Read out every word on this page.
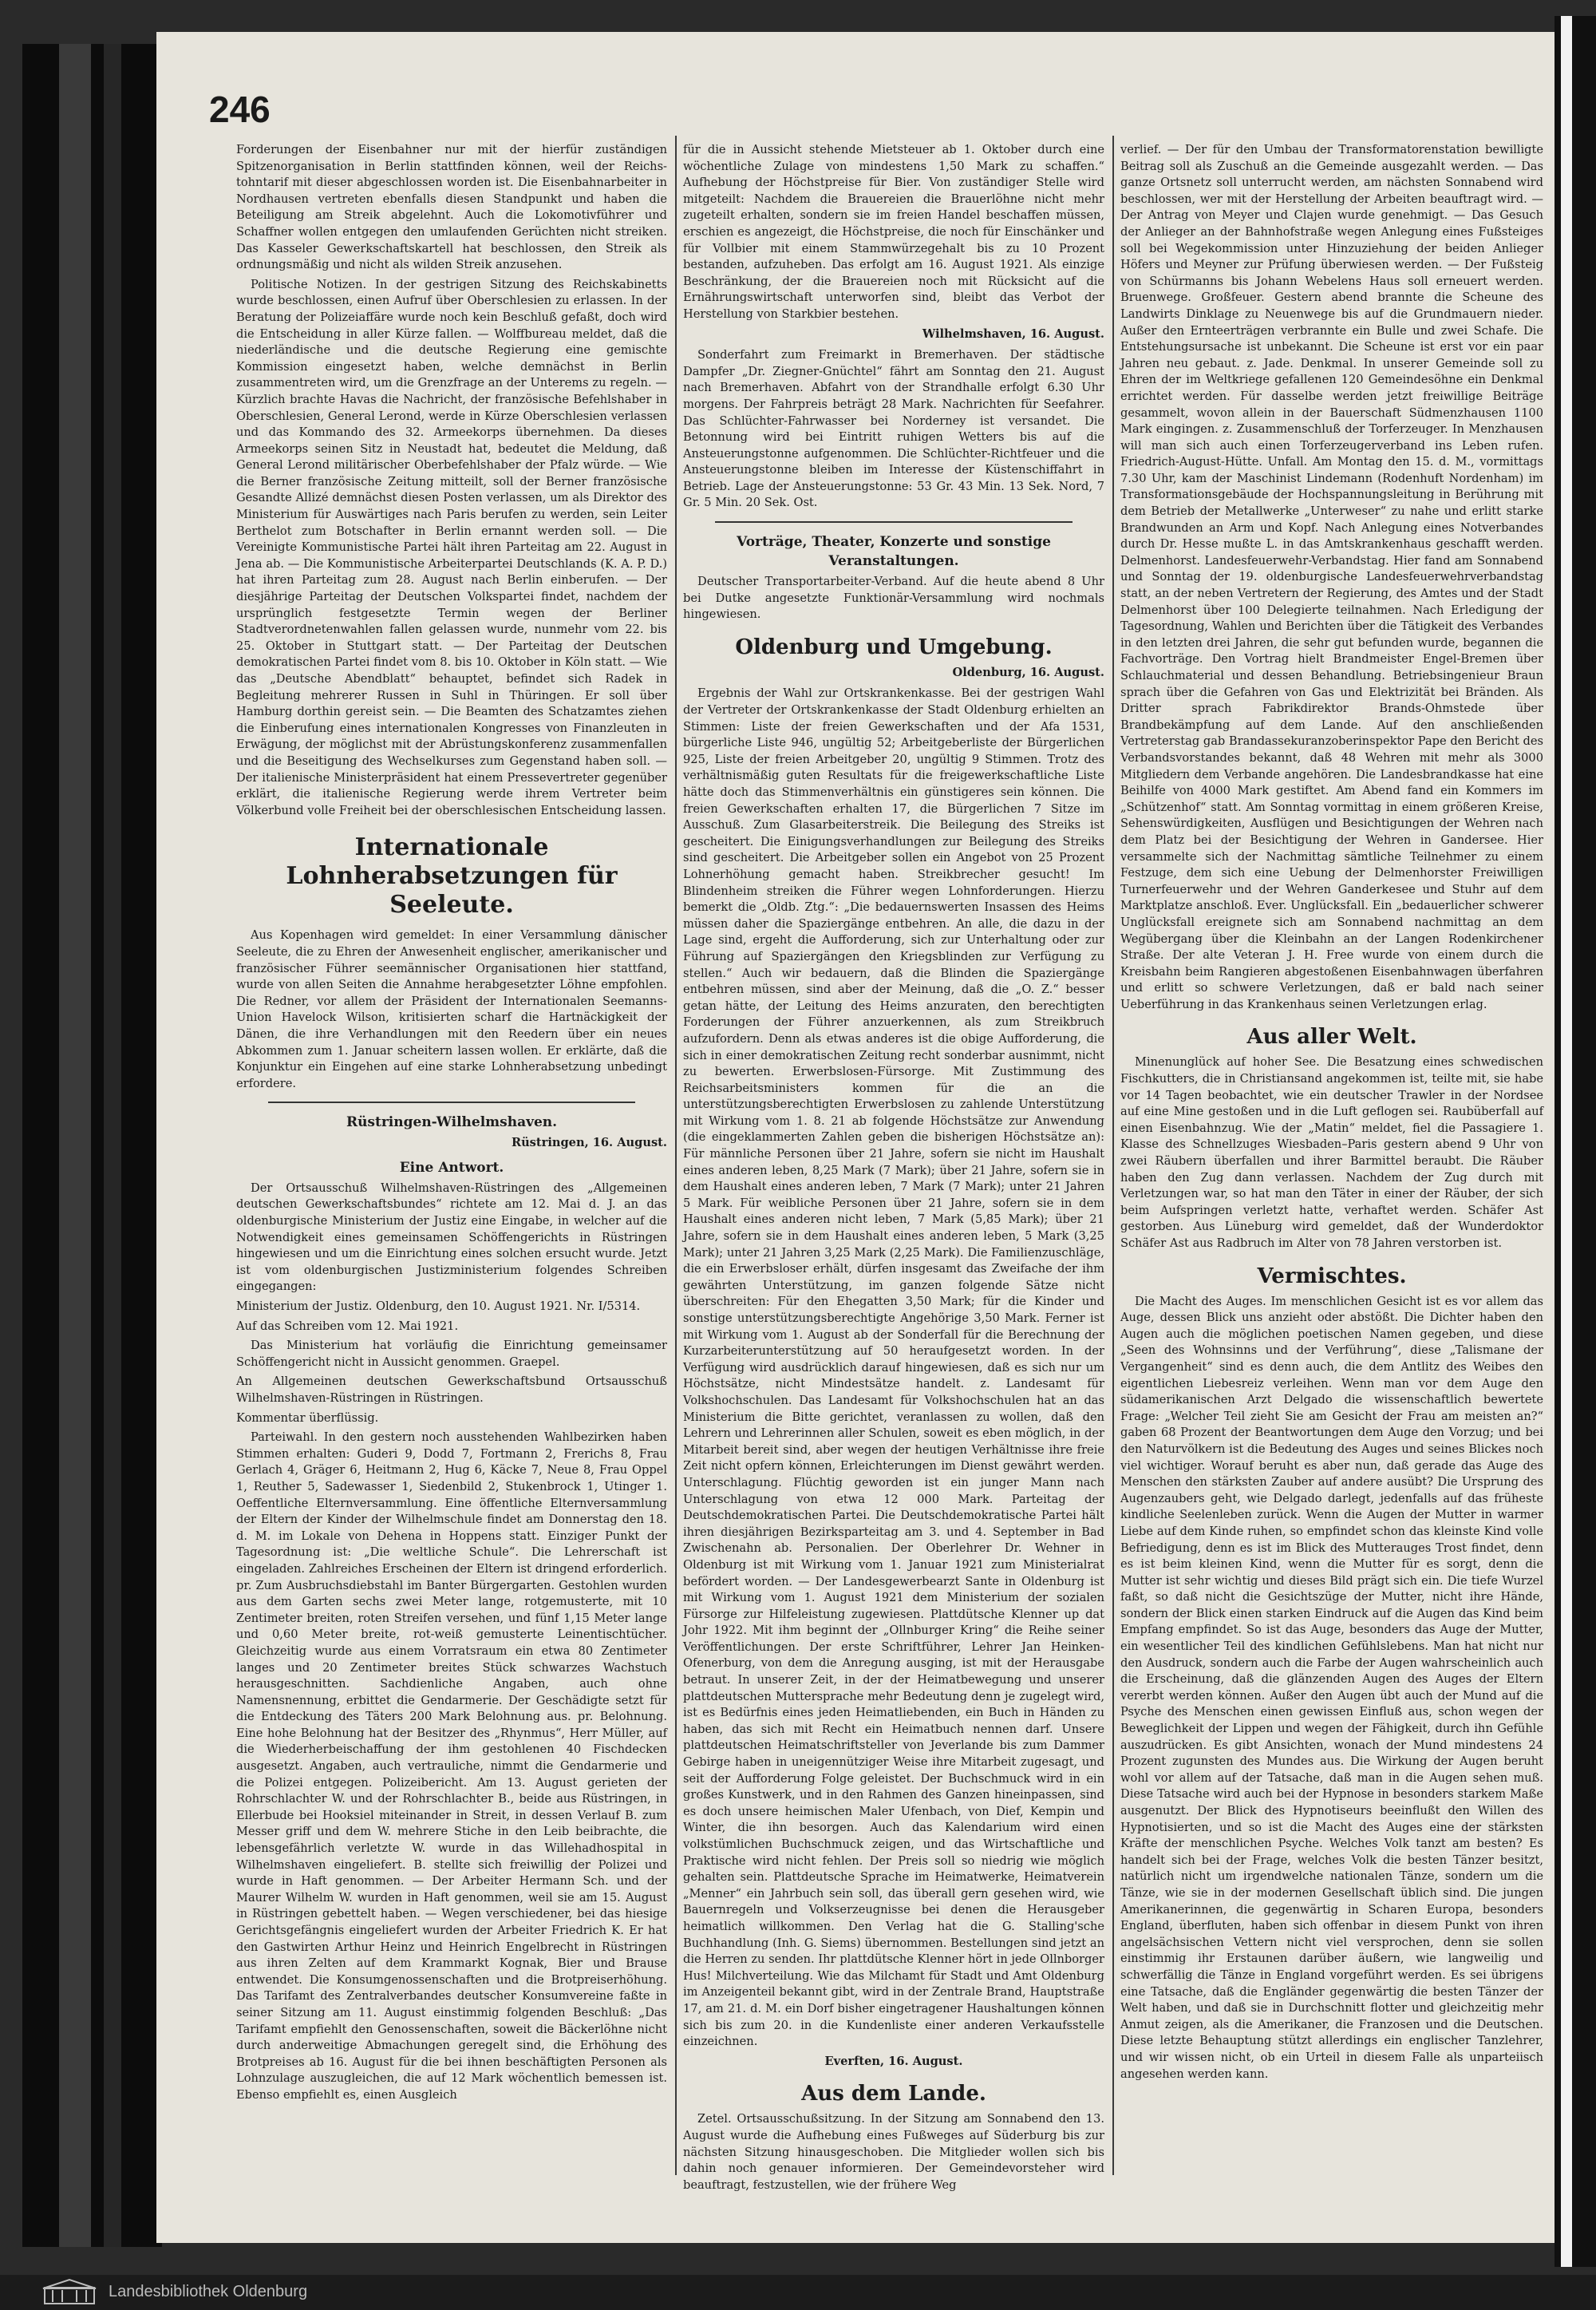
246

Forderungen der Eisenbahner nur mit der hierfür zuständigen Spitzenorganisation in Berlin stattfinden können, weil der Reichs-tohntarif mit dieser abgeschlossen worden ist. Die Eisenbahnarbeiter in Nordhausen vertreten ebenfalls diesen Standpunkt und haben die Beteiligung am Streik abgelehnt. Auch die Lokomotivführer und Schaffner wollen entgegen den umlaufenden Gerüchten nicht streiken. Das Kasseler Gewerkschaftskartell hat beschlossen, den Streik als ordnungsmäßig und nicht als wilden Streik anzusehen.

Politische Notizen. In der gestrigen Sitzung des Reichskabinetts wurde beschlossen, einen Aufruf über Oberschlesien zu erlassen. In der Beratung der Polizeiaffäre wurde noch kein Beschluß gefaßt, doch wird die Entscheidung in aller Kürze fallen. — Wolffbureau meldet, daß die niederländische und die deutsche Regierung eine gemischte Kommission eingesetzt haben, welche demnächst in Berlin zusammentreten wird, um die Grenzfrage an der Unterems zu regeln. — Kürzlich brachte Havas die Nachricht, der französische Befehlshaber in Oberschlesien, General Lerond, werde in Kürze Oberschlesien verlassen und das Kommando des 32. Armeekorps übernehmen. Da dieses Armeekorps seinen Sitz in Neustadt hat, bedeutet die Meldung, daß General Lerond militärischer Oberbefehlshaber der Pfalz würde. — Wie die Berner französische Zeitung mitteilt, soll der Berner französische Gesandte Allizé demnächst diesen Posten verlassen, um als Direktor des Ministerium für Auswärtiges nach Paris berufen zu werden, sein Leiter Berthelot zum Botschafter in Berlin ernannt werden soll. — Die Vereinigte Kommunistische Partei hält ihren Parteitag am 22. August in Jena ab. — Die Kommunistische Arbeiterpartei Deutschlands (K. A. P. D.) hat ihren Parteitag zum 28. August nach Berlin einberufen. — Der diesjährige Parteitag der Deutschen Volkspartei findet, nachdem der ursprünglich festgesetzte Termin wegen der Berliner Stadtverordnetenwahlen fallen gelassen wurde, nunmehr vom 22. bis 25. Oktober in Stuttgart statt. — Der Parteitag der Deutschen demokratischen Partei findet vom 8. bis 10. Oktober in Köln statt. — Wie das „Deutsche Abendblatt“ behauptet, befindet sich Radek in Begleitung mehrerer Russen in Suhl in Thüringen. Er soll über Hamburg dorthin gereist sein. — Die Beamten des Schatzamtes ziehen die Einberufung eines internationalen Kongresses von Finanzleuten in Erwägung, der möglichst mit der Abrüstungskonferenz zusammenfallen und die Beseitigung des Wechselkurses zum Gegenstand haben soll. — Der italienische Ministerpräsident hat einem Pressevertreter gegenüber erklärt, die italienische Regierung werde ihrem Vertreter beim Völkerbund volle Freiheit bei der oberschlesischen Entscheidung lassen.

Internationale Lohnherabsetzungen für Seeleute.

Aus Kopenhagen wird gemeldet: In einer Versammlung dänischer Seeleute, die zu Ehren der Anwesenheit englischer, amerikanischer und französischer Führer seemännischer Organisationen hier stattfand, wurde von allen Seiten die Annahme herabgesetzter Löhne empfohlen. Die Redner, vor allem der Präsident der Internationalen Seemanns-Union Havelock Wilson, kritisierten scharf die Hartnäckigkeit der Dänen, die ihre Verhandlungen mit den Reedern über ein neues Abkommen zum 1. Januar scheitern lassen wollen. Er erklärte, daß die Konjunktur ein Eingehen auf eine starke Lohnherabsetzung unbedingt erfordere.

Rüstringen-Wilhelmshaven.
Rüstringen, 16. August.
Eine Antwort.

Der Ortsausschuß Wilhelmshaven-Rüstringen des „Allgemeinen deutschen Gewerkschaftsbundes“ richtete am 12. Mai d. J. an das oldenburgische Ministerium der Justiz eine Eingabe, in welcher auf die Notwendigkeit eines gemeinsamen Schöffengerichts in Rüstringen hingewiesen und um die Einrichtung eines solchen ersucht wurde. Jetzt ist vom oldenburgischen Justizministerium folgendes Schreiben eingegangen:

Ministerium der Justiz. Oldenburg, den 10. August 1921. Nr. I/5314.

Auf das Schreiben vom 12. Mai 1921.

Das Ministerium hat vorläufig die Einrichtung gemeinsamer Schöffengericht nicht in Aussicht genommen. Graepel.

An Allgemeinen deutschen Gewerkschaftsbund Ortsausschuß Wilhelmshaven-Rüstringen in Rüstringen.

Kommentar überflüssig.

Parteiwahl. In den gestern noch ausstehenden Wahlbezirken haben Stimmen erhalten: Guderi 9, Dodd 7, Fortmann 2, Frerichs 8, Frau Gerlach 4, Gräger 6, Heitmann 2, Hug 6, Käcke 7, Neue 8, Frau Oppel 1, Reuther 5, Sadewasser 1, Siedenbild 2, Stukenbrock 1, Utinger 1. Oeffentliche Elternversammlung. Eine öffentliche Elternversammlung der Eltern der Kinder der Wilhelmschule findet am Donnerstag den 18. d. M. im Lokale von Dehena in Hoppens statt. Einziger Punkt der Tagesordnung ist: „Die weltliche Schule“. Die Lehrerschaft ist eingeladen. Zahlreiches Erscheinen der Eltern ist dringend erforderlich. pr. Zum Ausbruchsdiebstahl im Banter Bürgergarten. Gestohlen wurden aus dem Garten sechs zwei Meter lange, rotgemusterte, mit 10 Zentimeter breiten, roten Streifen versehen, und fünf 1,15 Meter lange und 0,60 Meter breite, rot-weiß gemusterte Leinentischtücher. Gleichzeitig wurde aus einem Vorratsraum ein etwa 80 Zentimeter langes und 20 Zentimeter breites Stück schwarzes Wachstuch herausgeschnitten. Sachdienliche Angaben, auch ohne Namensnennung, erbittet die Gendarmerie. Der Geschädigte setzt für die Entdeckung des Täters 200 Mark Belohnung aus. pr. Belohnung. Eine hohe Belohnung hat der Besitzer des „Rhynmus“, Herr Müller, auf die Wiederherbeischaffung der ihm gestohlenen 40 Fischdecken ausgesetzt. Angaben, auch vertrauliche, nimmt die Gendarmerie und die Polizei entgegen. Polizeibericht. Am 13. August gerieten der Rohrschlachter W. und der Rohrschlachter B., beide aus Rüstringen, in Ellerbude bei Hooksiel miteinander in Streit, in dessen Verlauf B. zum Messer griff und dem W. mehrere Stiche in den Leib beibrachte, die lebensgefährlich verletzte W. wurde in das Willehadhospital in Wilhelmshaven eingeliefert. B. stellte sich freiwillig der Polizei und wurde in Haft genommen. — Der Arbeiter Hermann Sch. und der Maurer Wilhelm W. wurden in Haft genommen, weil sie am 15. August in Rüstringen gebettelt haben. — Wegen verschiedener, bei das hiesige Gerichtsgefängnis eingeliefert wurden der Arbeiter Friedrich K. Er hat den Gastwirten Arthur Heinz und Heinrich Engelbrecht in Rüstringen aus ihren Zelten auf dem Krammarkt Kognak, Bier und Brause entwendet. Die Konsumgenossenschaften und die Brotpreiserhöhung. Das Tarifamt des Zentralverbandes deutscher Konsumvereine faßte in seiner Sitzung am 11. August einstimmig folgenden Beschluß: „Das Tarifamt empfiehlt den Genossenschaften, soweit die Bäckerlöhne nicht durch anderweitige Abmachungen geregelt sind, die Erhöhung des Brotpreises ab 16. August für die bei ihnen beschäftigten Personen als Lohnzulage auszugleichen, die auf 12 Mark wöchentlich bemessen ist. Ebenso empfiehlt es, einen Ausgleich

für die in Aussicht stehende Mietsteuer ab 1. Oktober durch eine wöchentliche Zulage von mindestens 1,50 Mark zu schaffen.“ Aufhebung der Höchstpreise für Bier. Von zuständiger Stelle wird mitgeteilt: Nachdem die Brauereien die Brauerlöhne nicht mehr zugeteilt erhalten, sondern sie im freien Handel beschaffen müssen, erschien es angezeigt, die Höchstpreise, die noch für Einschänker und für Vollbier mit einem Stammwürzegehalt bis zu 10 Prozent bestanden, aufzuheben. Das erfolgt am 16. August 1921. Als einzige Beschränkung, der die Brauereien noch mit Rücksicht auf die Ernährungswirtschaft unterworfen sind, bleibt das Verbot der Herstellung von Starkbier bestehen.

Wilhelmshaven, 16. August.

Sonderfahrt zum Freimarkt in Bremerhaven. Der städtische Dampfer „Dr. Ziegner-Gnüchtel“ fährt am Sonntag den 21. August nach Bremerhaven. Abfahrt von der Strandhalle erfolgt 6.30 Uhr morgens. Der Fahrpreis beträgt 28 Mark. Nachrichten für Seefahrer. Das Schlüchter-Fahrwasser bei Norderney ist versandet. Die Betonnung wird bei Eintritt ruhigen Wetters bis auf die Ansteuerungstonne aufgenommen. Die Schlüchter-Richtfeuer und die Ansteuerungstonne bleiben im Interesse der Küstenschiffahrt in Betrieb. Lage der Ansteuerungstonne: 53 Gr. 43 Min. 13 Sek. Nord, 7 Gr. 5 Min. 20 Sek. Ost.

Vorträge, Theater, Konzerte und sonstige Veranstaltungen.

Deutscher Transportarbeiter-Verband. Auf die heute abend 8 Uhr bei Dutke angesetzte Funktionär-Versammlung wird nochmals hingewiesen.

Oldenburg und Umgebung.
Oldenburg, 16. August.

Ergebnis der Wahl zur Ortskrankenkasse. Bei der gestrigen Wahl der Vertreter der Ortskrankenkasse der Stadt Oldenburg erhielten an Stimmen: Liste der freien Gewerkschaften und der Afa 1531, bürgerliche Liste 946, ungültig 52; Arbeitgeberliste der Bürgerlichen 925, Liste der freien Arbeitgeber 20, ungültig 9 Stimmen. Trotz des verhältnismäßig guten Resultats für die freigewerkschaftliche Liste hätte doch das Stimmenverhältnis ein günstigeres sein können. Die freien Gewerkschaften erhalten 17, die Bürgerlichen 7 Sitze im Ausschuß. Zum Glasarbeiterstreik. Die Beilegung des Streiks ist gescheitert. Die Einigungsverhandlungen zur Beilegung des Streiks sind gescheitert. Die Arbeitgeber sollen ein Angebot von 25 Prozent Lohnerhöhung gemacht haben. Streikbrecher gesucht! Im Blindenheim streiken die Führer wegen Lohnforderungen. Hierzu bemerkt die „Oldb. Ztg.“: „Die bedauernswerten Insassen des Heims müssen daher die Spaziergänge entbehren. An alle, die dazu in der Lage sind, ergeht die Aufforderung, sich zur Unterhaltung oder zur Führung auf Spaziergängen den Kriegsblinden zur Verfügung zu stellen.“ Auch wir bedauern, daß die Blinden die Spaziergänge entbehren müssen, sind aber der Meinung, daß die „O. Z.“ besser getan hätte, der Leitung des Heims anzuraten, den berechtigten Forderungen der Führer anzuerkennen, als zum Streikbruch aufzufordern. Denn als etwas anderes ist die obige Aufforderung, die sich in einer demokratischen Zeitung recht sonderbar ausnimmt, nicht zu bewerten. Erwerbslosen-Fürsorge. Mit Zustimmung des Reichsarbeitsministers kommen für die an die unterstützungsberechtigten Erwerbslosen zu zahlende Unterstützung mit Wirkung vom 1. 8. 21 ab folgende Höchstsätze zur Anwendung (die eingeklammerten Zahlen geben die bisherigen Höchstsätze an): Für männliche Personen über 21 Jahre, sofern sie nicht im Haushalt eines anderen leben, 8,25 Mark (7 Mark); über 21 Jahre, sofern sie in dem Haushalt eines anderen leben, 7 Mark (7 Mark); unter 21 Jahren 5 Mark. Für weibliche Personen über 21 Jahre, sofern sie in dem Haushalt eines anderen nicht leben, 7 Mark (5,85 Mark); über 21 Jahre, sofern sie in dem Haushalt eines anderen leben, 5 Mark (3,25 Mark); unter 21 Jahren 3,25 Mark (2,25 Mark). Die Familienzuschläge, die ein Erwerbsloser erhält, dürfen insgesamt das Zweifache der ihm gewährten Unterstützung, im ganzen folgende Sätze nicht überschreiten: Für den Ehegatten 3,50 Mark; für die Kinder und sonstige unterstützungsberechtigte Angehörige 3,50 Mark. Ferner ist mit Wirkung vom 1. August ab der Sonderfall für die Berechnung der Kurzarbeiterunterstützung auf 50 heraufgesetzt worden. In der Verfügung wird ausdrücklich darauf hingewiesen, daß es sich nur um Höchstsätze, nicht Mindestsätze handelt. z. Landesamt für Volkshochschulen. Das Landesamt für Volkshochschulen hat an das Ministerium die Bitte gerichtet, veranlassen zu wollen, daß den Lehrern und Lehrerinnen aller Schulen, soweit es eben möglich, in der Mitarbeit bereit sind, aber wegen der heutigen Verhältnisse ihre freie Zeit nicht opfern können, Erleichterungen im Dienst gewährt werden. Unterschlagung. Flüchtig geworden ist ein junger Mann nach Unterschlagung von etwa 12 000 Mark. Parteitag der Deutschdemokratischen Partei. Die Deutschdemokratische Partei hält ihren diesjährigen Bezirksparteitag am 3. und 4. September in Bad Zwischenahn ab. Personalien. Der Oberlehrer Dr. Wehner in Oldenburg ist mit Wirkung vom 1. Januar 1921 zum Ministerialrat befördert worden. — Der Landesgewerbearzt Sante in Oldenburg ist mit Wirkung vom 1. August 1921 dem Ministerium der sozialen Fürsorge zur Hilfeleistung zugewiesen. Plattdütsche Klenner up dat Johr 1922. Mit ihm beginnt der „Ollnburger Kring“ die Reihe seiner Veröffentlichungen. Der erste Schriftführer, Lehrer Jan Heinken-Ofenerburg, von dem die Anregung ausging, ist mit der Herausgabe betraut. In unserer Zeit, in der der Heimatbewegung und unserer plattdeutschen Muttersprache mehr Bedeutung denn je zugelegt wird, ist es Bedürfnis eines jeden Heimatliebenden, ein Buch in Händen zu haben, das sich mit Recht ein Heimatbuch nennen darf. Unsere plattdeutschen Heimatschriftsteller von Jeverlande bis zum Dammer Gebirge haben in uneigennütziger Weise ihre Mitarbeit zugesagt, und seit der Aufforderung Folge geleistet. Der Buchschmuck wird in ein großes Kunstwerk, und in den Rahmen des Ganzen hineinpassen, sind es doch unsere heimischen Maler Ufenbach, von Dief, Kempin und Winter, die ihn besorgen. Auch das Kalendarium wird einen volkstümlichen Buchschmuck zeigen, und das Wirtschaftliche und Praktische wird nicht fehlen. Der Preis soll so niedrig wie möglich gehalten sein. Plattdeutsche Sprache im Heimatwerke, Heimatverein „Menner“ ein Jahrbuch sein soll, das überall gern gesehen wird, wie Bauernregeln und Volkserzeugnisse bei denen die Herausgeber heimatlich willkommen. Den Verlag hat die G. Stalling'sche Buchhandlung (Inh. G. Siems) übernommen. Bestellungen sind jetzt an die Herren zu senden. Ihr plattdütsche Klenner hört in jede Ollnborger Hus! Milchverteilung. Wie das Milchamt für Stadt und Amt Oldenburg im Anzeigenteil bekannt gibt, wird in der Zentrale Brand, Hauptstraße 17, am 21. d. M. ein Dorf bisher eingetragener Haushaltungen können sich bis zum 20. in die Kundenliste einer anderen Verkaufsstelle einzeichnen.

Everften, 16. August.
Aus dem Lande.

Zetel. Ortsausschußsitzung. In der Sitzung am Sonnabend den 13. August wurde die Aufhebung eines Fußweges auf Süderburg bis zur nächsten Sitzung hinausgeschoben. Die Mitglieder wollen sich bis dahin noch genauer informieren. Der Gemeindevorsteher wird beauftragt, festzustellen, wie der frühere Weg

verlief. — Der für den Umbau der Transformatorenstation bewilligte Beitrag soll als Zuschuß an die Gemeinde ausgezahlt werden. — Das ganze Ortsnetz soll unterrucht werden, am nächsten Sonnabend wird beschlossen, wer mit der Herstellung der Arbeiten beauftragt wird. — Der Antrag von Meyer und Clajen wurde genehmigt. — Das Gesuch der Anlieger an der Bahnhofstraße wegen Anlegung eines Fußsteiges soll bei Wegekommission unter Hinzuziehung der beiden Anlieger Höfers und Meyner zur Prüfung überwiesen werden. — Der Fußsteig von Schürmanns bis Johann Webelens Haus soll erneuert werden. Bruenwege. Großfeuer. Gestern abend brannte die Scheune des Landwirts Dinklage zu Neuenwege bis auf die Grundmauern nieder. Außer den Ernteerträgen verbrannte ein Bulle und zwei Schafe. Die Entstehungsursache ist unbekannt. Die Scheune ist erst vor ein paar Jahren neu gebaut. z. Jade. Denkmal. In unserer Gemeinde soll zu Ehren der im Weltkriege gefallenen 120 Gemeindesöhne ein Denkmal errichtet werden. Für dasselbe werden jetzt freiwillige Beiträge gesammelt, wovon allein in der Bauerschaft Südmenzhausen 1100 Mark eingingen. z. Zusammenschluß der Torferzeuger. In Menzhausen will man sich auch einen Torferzeugerverband ins Leben rufen. Friedrich-August-Hütte. Unfall. Am Montag den 15. d. M., vormittags 7.30 Uhr, kam der Maschinist Lindemann (Rodenhuft Nordenham) im Transformationsgebäude der Hochspannungsleitung in Berührung mit dem Betrieb der Metallwerke „Unterweser“ zu nahe und erlitt starke Brandwunden an Arm und Kopf. Nach Anlegung eines Notverbandes durch Dr. Hesse mußte L. in das Amtskrankenhaus geschafft werden. Delmenhorst. Landesfeuerwehr-Verbandstag. Hier fand am Sonnabend und Sonntag der 19. oldenburgische Landesfeuerwehrverbandstag statt, an der neben Vertretern der Regierung, des Amtes und der Stadt Delmenhorst über 100 Delegierte teilnahmen. Nach Erledigung der Tagesordnung, Wahlen und Berichten über die Tätigkeit des Verbandes in den letzten drei Jahren, die sehr gut befunden wurde, begannen die Fachvorträge. Den Vortrag hielt Brandmeister Engel-Bremen über Schlauchmaterial und dessen Behandlung. Betriebsingenieur Braun sprach über die Gefahren von Gas und Elektrizität bei Bränden. Als Dritter sprach Fabrikdirektor Brands-Ohmstede über Brandbekämpfung auf dem Lande. Auf den anschließenden Vertreterstag gab Brandassekuranzoberinspektor Pape den Bericht des Verbandsvorstandes bekannt, daß 48 Wehren mit mehr als 3000 Mitgliedern dem Verbande angehören. Die Landesbrandkasse hat eine Beihilfe von 4000 Mark gestiftet. Am Abend fand ein Kommers im „Schützenhof“ statt. Am Sonntag vormittag in einem größeren Kreise, Sehenswürdigkeiten, Ausflügen und Besichtigungen der Wehren nach dem Platz bei der Besichtigung der Wehren in Gandersee. Hier versammelte sich der Nachmittag sämtliche Teilnehmer zu einem Festzuge, dem sich eine Uebung der Delmenhorster Freiwilligen Turnerfeuerwehr und der Wehren Ganderkesee und Stuhr auf dem Marktplatze anschloß. Ever. Unglücksfall. Ein „bedauerlicher schwerer Unglücksfall ereignete sich am Sonnabend nachmittag an dem Wegübergang über die Kleinbahn an der Langen Rodenkirchener Straße. Der alte Veteran J. H. Free wurde von einem durch die Kreisbahn beim Rangieren abgestoßenen Eisenbahnwagen überfahren und erlitt so schwere Verletzungen, daß er bald nach seiner Ueberführung in das Krankenhaus seinen Verletzungen erlag.

Aus aller Welt.

Minenunglück auf hoher See. Die Besatzung eines schwedischen Fischkutters, die in Christiansand angekommen ist, teilte mit, sie habe vor 14 Tagen beobachtet, wie ein deutscher Trawler in der Nordsee auf eine Mine gestoßen und in die Luft geflogen sei. Raubüberfall auf einen Eisenbahnzug. Wie der „Matin“ meldet, fiel die Passagiere 1. Klasse des Schnellzuges Wiesbaden–Paris gestern abend 9 Uhr von zwei Räubern überfallen und ihrer Barmittel beraubt. Die Räuber haben den Zug dann verlassen. Nachdem der Zug durch mit Verletzungen war, so hat man den Täter in einer der Räuber, der sich beim Aufspringen verletzt hatte, verhaftet werden. Schäfer Ast gestorben. Aus Lüneburg wird gemeldet, daß der Wunderdoktor Schäfer Ast aus Radbruch im Alter von 78 Jahren verstorben ist.

Vermischtes.

Die Macht des Auges. Im menschlichen Gesicht ist es vor allem das Auge, dessen Blick uns anzieht oder abstößt. Die Dichter haben den Augen auch die möglichen poetischen Namen gegeben, und diese „Seen des Wohnsinns und der Verführung“, diese „Talismane der Vergangenheit“ sind es denn auch, die dem Antlitz des Weibes den eigentlichen Liebesreiz verleihen. Wenn man vor dem Auge den südamerikanischen Arzt Delgado die wissenschaftlich bewertete Frage: „Welcher Teil zieht Sie am Gesicht der Frau am meisten an?“ gaben 68 Prozent der Beantwortungen dem Auge den Vorzug; und bei den Naturvölkern ist die Bedeutung des Auges und seines Blickes noch viel wichtiger. Worauf beruht es aber nun, daß gerade das Auge des Menschen den stärksten Zauber auf andere ausübt? Die Ursprung des Augenzaubers geht, wie Delgado darlegt, jedenfalls auf das früheste kindliche Seelenleben zurück. Wenn die Augen der Mutter in warmer Liebe auf dem Kinde ruhen, so empfindet schon das kleinste Kind volle Befriedigung, denn es ist im Blick des Mutterauges Trost findet, denn es ist beim kleinen Kind, wenn die Mutter für es sorgt, denn die Mutter ist sehr wichtig und dieses Bild prägt sich ein. Die tiefe Wurzel faßt, so daß nicht die Gesichtszüge der Mutter, nicht ihre Hände, sondern der Blick einen starken Eindruck auf die Augen das Kind beim Empfang empfindet. So ist das Auge, besonders das Auge der Mutter, ein wesentlicher Teil des kindlichen Gefühlslebens. Man hat nicht nur den Ausdruck, sondern auch die Farbe der Augen wahrscheinlich auch die Erscheinung, daß die glänzenden Augen des Auges der Eltern vererbt werden können. Außer den Augen übt auch der Mund auf die Psyche des Menschen einen gewissen Einfluß aus, schon wegen der Beweglichkeit der Lippen und wegen der Fähigkeit, durch ihn Gefühle auszudrücken. Es gibt Ansichten, wonach der Mund mindestens 24 Prozent zugunsten des Mundes aus. Die Wirkung der Augen beruht wohl vor allem auf der Tatsache, daß man in die Augen sehen muß. Diese Tatsache wird auch bei der Hypnose in besonders starkem Maße ausgenutzt. Der Blick des Hypnotiseurs beeinflußt den Willen des Hypnotisierten, und so ist die Macht des Auges eine der stärksten Kräfte der menschlichen Psyche. Welches Volk tanzt am besten? Es handelt sich bei der Frage, welches Volk die besten Tänzer besitzt, natürlich nicht um irgendwelche nationalen Tänze, sondern um die Tänze, wie sie in der modernen Gesellschaft üblich sind. Die jungen Amerikanerinnen, die gegenwärtig in Scharen Europa, besonders England, überfluten, haben sich offenbar in diesem Punkt von ihren angelsächsischen Vettern nicht viel versprochen, denn sie sollen einstimmig ihr Erstaunen darüber äußern, wie langweilig und schwerfällig die Tänze in England vorgeführt werden. Es sei übrigens eine Tatsache, daß die Engländer gegenwärtig die besten Tänzer der Welt haben, und daß sie in Durchschnitt flotter und gleichzeitig mehr Anmut zeigen, als die Amerikaner, die Franzosen und die Deutschen. Diese letzte Behauptung stützt allerdings ein englischer Tanzlehrer, und wir wissen nicht, ob ein Urteil in diesem Falle als unparteiisch angesehen werden kann.

Landesbibliothek Oldenburg
